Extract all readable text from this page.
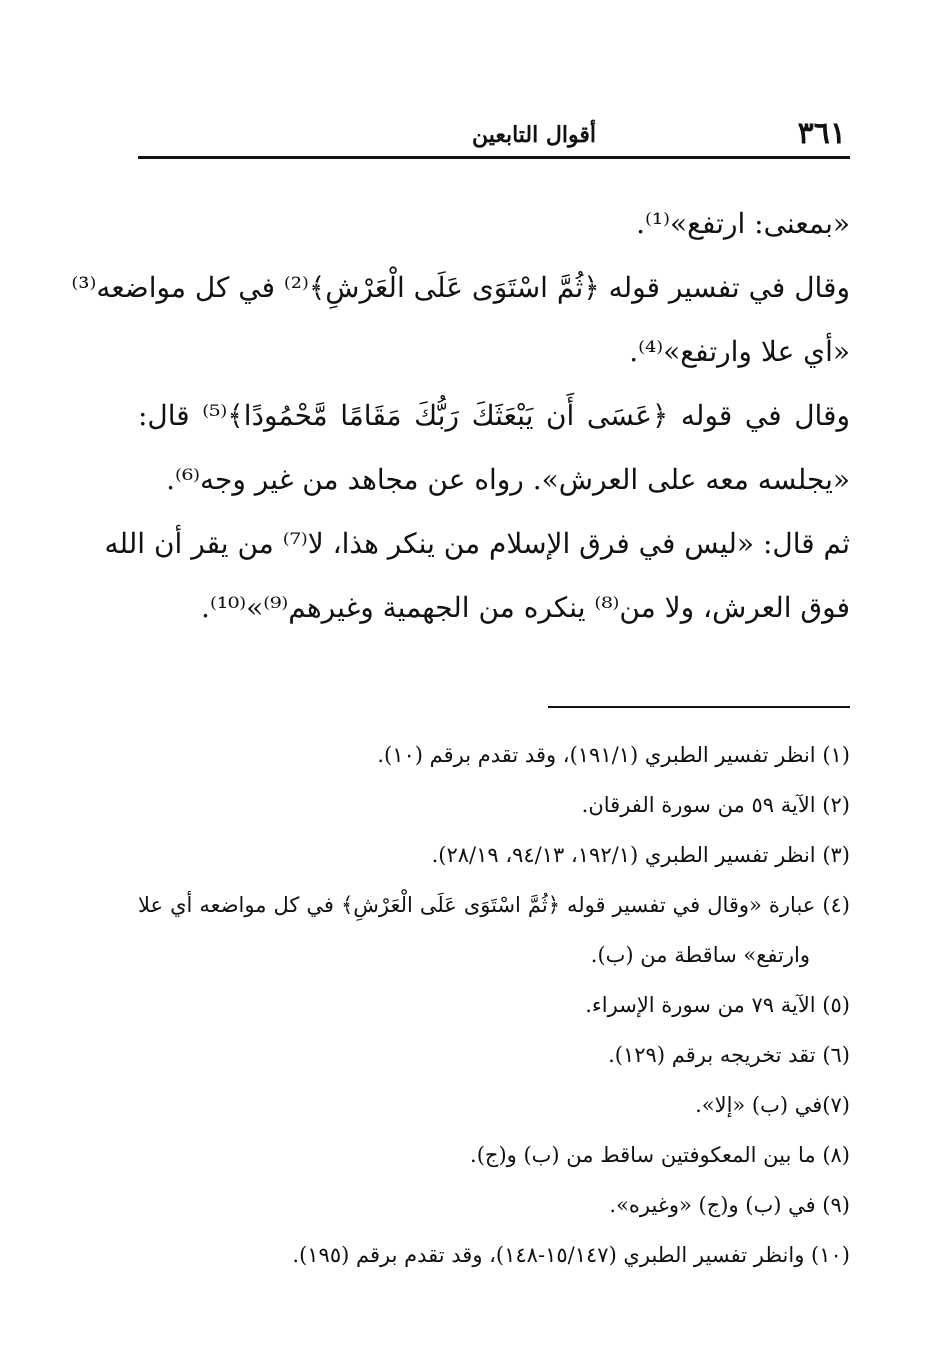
٣٦١
أقوال التابعين
«بمعنى: ارتفع»⁽¹⁾.
وقال في تفسير قوله ﴿ثُمَّ اسْتَوَى عَلَى الْعَرْشِ﴾⁽²⁾ في كل مواضعه⁽³⁾
«أي علا وارتفع»⁽⁴⁾.
وقال في قوله ﴿عَسَى أَن يَبْعَثَكَ رَبُّكَ مَقَامًا مَّحْمُودًا﴾⁽⁵⁾ قال:
«يجلسه معه على العرش». رواه عن مجاهد من غير وجه⁽⁶⁾.
ثم قال: «ليس في فرق الإسلام من ينكر هذا، لا⁽⁷⁾ من يقر أن الله
فوق العرش، ولا من⁽⁸⁾ ينكره من الجهمية وغيرهم⁽⁹⁾»⁽¹⁰⁾.
(١) انظر تفسير الطبري (١٩١/١)، وقد تقدم برقم (١٠).
(٢) الآية ٥٩ من سورة الفرقان.
(٣) انظر تفسير الطبري (١٩٢/١، ٩٤/١٣، ٢٨/١٩).
(٤) عبارة «وقال في تفسير قوله ﴿ثُمَّ اسْتَوَى عَلَى الْعَرْشِ﴾ في كل مواضعه أي علا
وارتفع» ساقطة من (ب).
(٥) الآية ٧٩ من سورة الإسراء.
(٦) تقد تخريجه برقم (١٢٩).
(٧)في (ب) «إلا».
(٨) ما بين المعكوفتين ساقط من (ب) و(ج).
(٩) في (ب) و(ج) «وغيره».
(١٠) وانظر تفسير الطبري (١٥/١٤٧-١٤٨)، وقد تقدم برقم (١٩٥).
